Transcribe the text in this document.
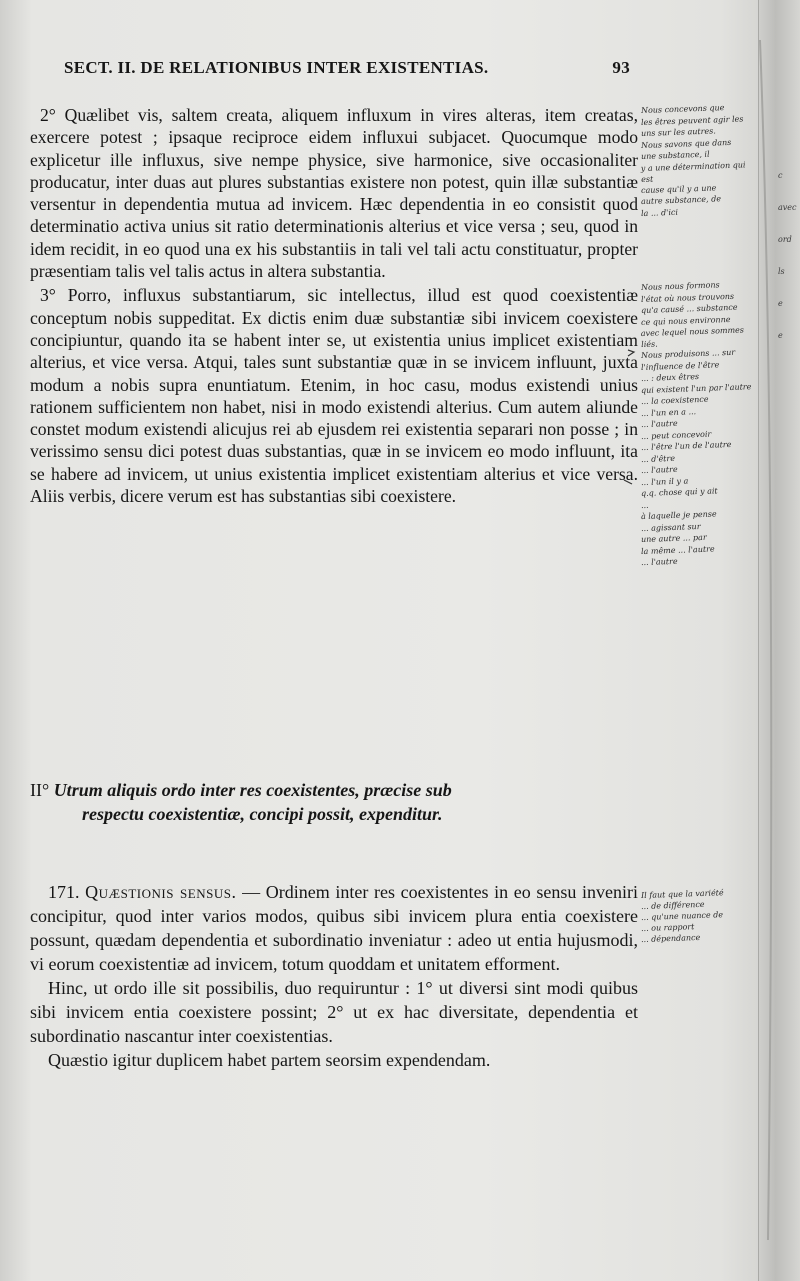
SECT. II. DE RELATIONIBUS INTER EXISTENTIAS.	93

2° Quælibet vis, saltem creata, aliquem influxum in vires alteras, item creatas, exercere potest ; ipsaque reciproce eidem influxui subjacet. Quocumque modo explicetur ille influxus, sive nempe physice, sive harmonice, sive occasionaliter producatur, inter duas aut plures substantias existere non potest, quin illæ substantiæ versentur in dependentia mutua ad invicem. Hæc dependentia in eo consistit quod determinatio activa unius sit ratio determinationis alterius et vice versa ; seu, quod in idem recidit, in eo quod una ex his substantiis in tali vel tali actu constituatur, propter præsentiam talis vel talis actus in altera substantia.

3° Porro, influxus substantiarum, sic intellectus, illud est quod coexistentiæ conceptum nobis suppeditat. Ex dictis enim duæ substantiæ sibi invicem coexistere concipiuntur, quando ita se habent inter se, ut existentia unius implicet existentiam alterius, et vice versa. Atqui, tales sunt substantiæ quæ in se invicem influunt, juxta modum a nobis supra enuntiatum. Etenim, in hoc casu, modus existendi unius rationem sufficientem non habet, nisi in modo existendi alterius. Cum autem aliunde constet modum existendi alicujus rei ab ejusdem rei existentia separari non posse ; in verissimo sensu dici potest duas substantias, quæ in se invicem eo modo influunt, ita se habere ad invicem, ut unius existentia implicet existentiam alterius et vice versa. Aliis verbis, dicere verum est has substantias sibi coexistere.

II° Utrum aliquis ordo inter res coexistentes, præcise sub
respectu coexistentiæ, concipi possit, expenditur.

171. Quæstionis sensus. — Ordinem inter res coexistentes in eo sensu inveniri concipitur, quod inter varios modos, quibus sibi invicem plura entia coexistere possunt, quædam dependentia et subordinatio inveniatur : adeo ut entia hujusmodi, vi eorum coexistentiæ ad invicem, totum quoddam et unitatem efforment.

Hinc, ut ordo ille sit possibilis, duo requiruntur : 1° ut diversi sint modi quibus sibi invicem entia coexistere possint; 2° ut ex hac diversitate, dependentia et subordinatio nascantur inter coexistentias.

Quæstio igitur duplicem habet partem seorsim expendendam.

Nous concevons que
les êtres peuvent agir les
uns sur les autres.
Nous savons que dans
une substance, il
y a une détermination qui est
cause qu'il y a une
autre substance, de
la ... d'ici
Nous nous formons
l'état où nous trouvons
qu'a causé ... substance
ce qui nous environne
avec lequel nous sommes liés.
Nous produisons ... sur
l'influence de l'être
... : deux êtres
qui existent l'un par l'autre
... la coexistence
... l'un en a ...
... l'autre
... peut concevoir
... l'être l'un de l'autre
... d'être
... l'autre
... l'un il y a
q.q. chose qui y ait
...
à laquelle je pense
... agissant sur
une autre ... par
la même ... l'autre
... l'autre
Il faut que la variété
... de différence
... qu'une nuance de
... ou rapport
... dépendance
c
avec
ord
ls
e
e
